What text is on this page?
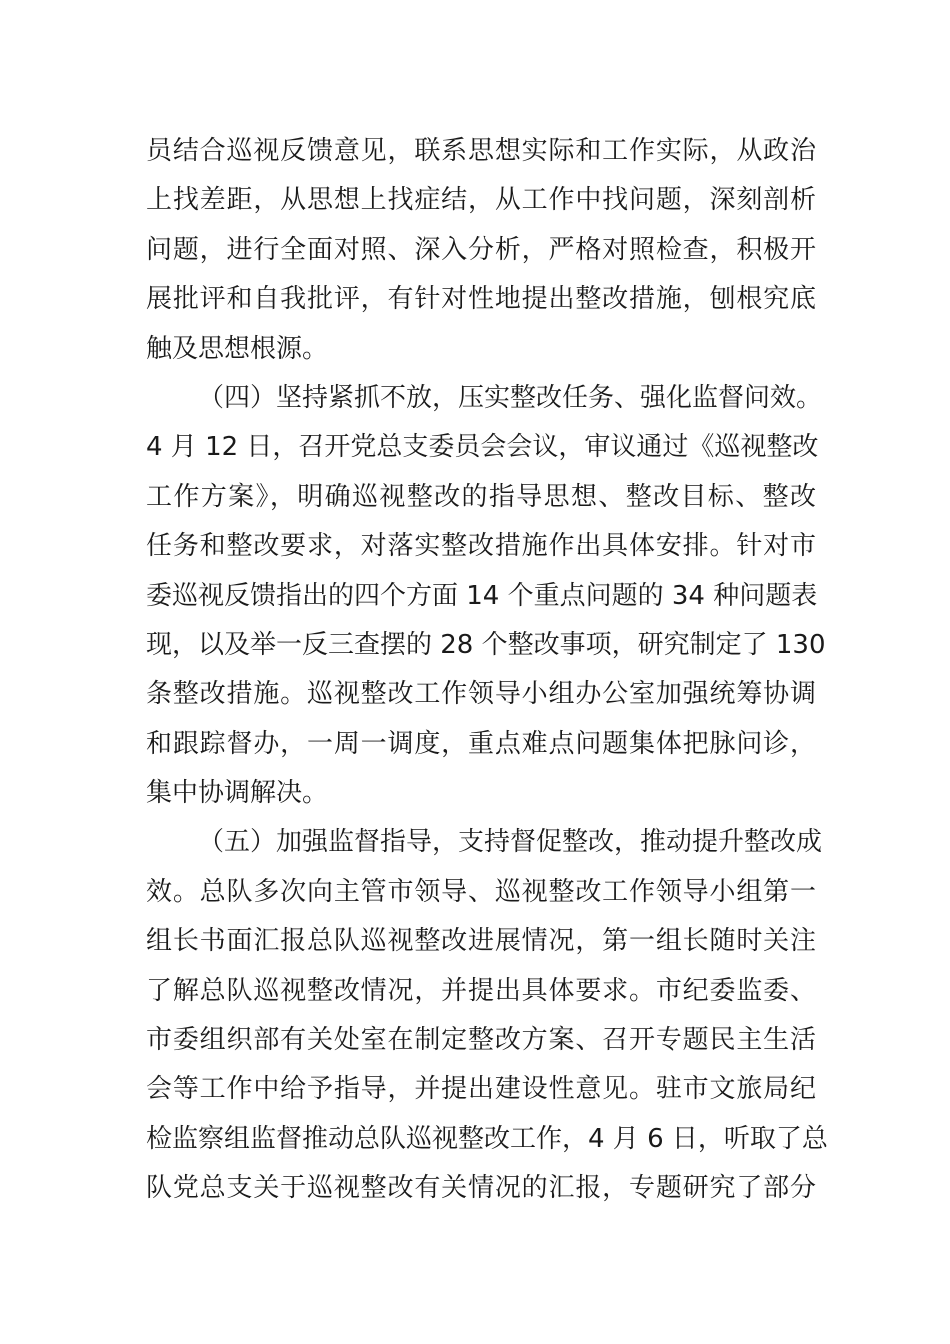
员结合巡视反馈意见，联系思想实际和工作实际，从政治
上找差距，从思想上找症结，从工作中找问题，深刻剖析
问题，进行全面对照、深入分析，严格对照检查，积极开
展批评和自我批评，有针对性地提出整改措施，刨根究底
触及思想根源。
（四）坚持紧抓不放，压实整改任务、强化监督问效。
4 月 12 日，召开党总支委员会会议，审议通过《巡视整改
工作方案》，明确巡视整改的指导思想、整改目标、整改
任务和整改要求，对落实整改措施作出具体安排。针对市
委巡视反馈指出的四个方面 14 个重点问题的 34 种问题表
现，以及举一反三查摆的 28 个整改事项，研究制定了 130
条整改措施。巡视整改工作领导小组办公室加强统筹协调
和跟踪督办，一周一调度，重点难点问题集体把脉问诊，
集中协调解决。
（五）加强监督指导，支持督促整改，推动提升整改成
效。总队多次向主管市领导、巡视整改工作领导小组第一
组长书面汇报总队巡视整改进展情况，第一组长随时关注
了解总队巡视整改情况，并提出具体要求。市纪委监委、
市委组织部有关处室在制定整改方案、召开专题民主生活
会等工作中给予指导，并提出建设性意见。驻市文旅局纪
检监察组监督推动总队巡视整改工作，4 月 6 日，听取了总
队党总支关于巡视整改有关情况的汇报，专题研究了部分
